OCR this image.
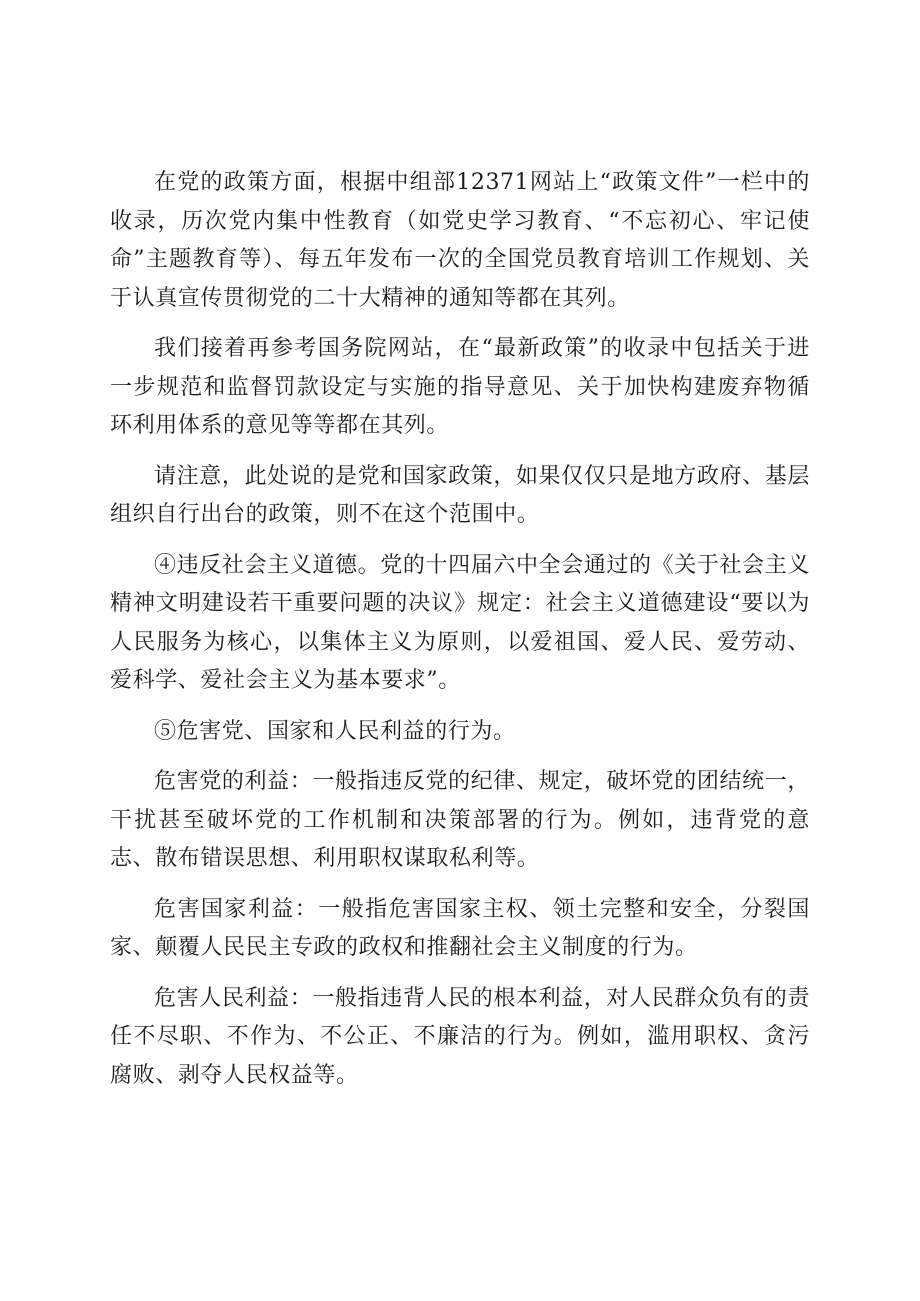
在党的政策方面，根据中组部12371网站上“政策文件”一栏中的收录，历次党内集中性教育（如党史学习教育、“不忘初心、牢记使命”主题教育等）、每五年发布一次的全国党员教育培训工作规划、关于认真宣传贯彻党的二十大精神的通知等都在其列。

我们接着再参考国务院网站，在“最新政策”的收录中包括关于进一步规范和监督罚款设定与实施的指导意见、关于加快构建废弃物循环利用体系的意见等等都在其列。

请注意，此处说的是党和国家政策，如果仅仅只是地方政府、基层组织自行出台的政策，则不在这个范围中。

④违反社会主义道德。党的十四届六中全会通过的《关于社会主义精神文明建设若干重要问题的决议》规定：社会主义道德建设“要以为人民服务为核心，以集体主义为原则，以爱祖国、爱人民、爱劳动、爱科学、爱社会主义为基本要求”。

⑤危害党、国家和人民利益的行为。

危害党的利益：一般指违反党的纪律、规定，破坏党的团结统一，干扰甚至破坏党的工作机制和决策部署的行为。例如，违背党的意志、散布错误思想、利用职权谋取私利等。

危害国家利益：一般指危害国家主权、领土完整和安全，分裂国家、颠覆人民民主专政的政权和推翻社会主义制度的行为。

危害人民利益：一般指违背人民的根本利益，对人民群众负有的责任不尽职、不作为、不公正、不廉洁的行为。例如，滥用职权、贪污腐败、剥夺人民权益等。
